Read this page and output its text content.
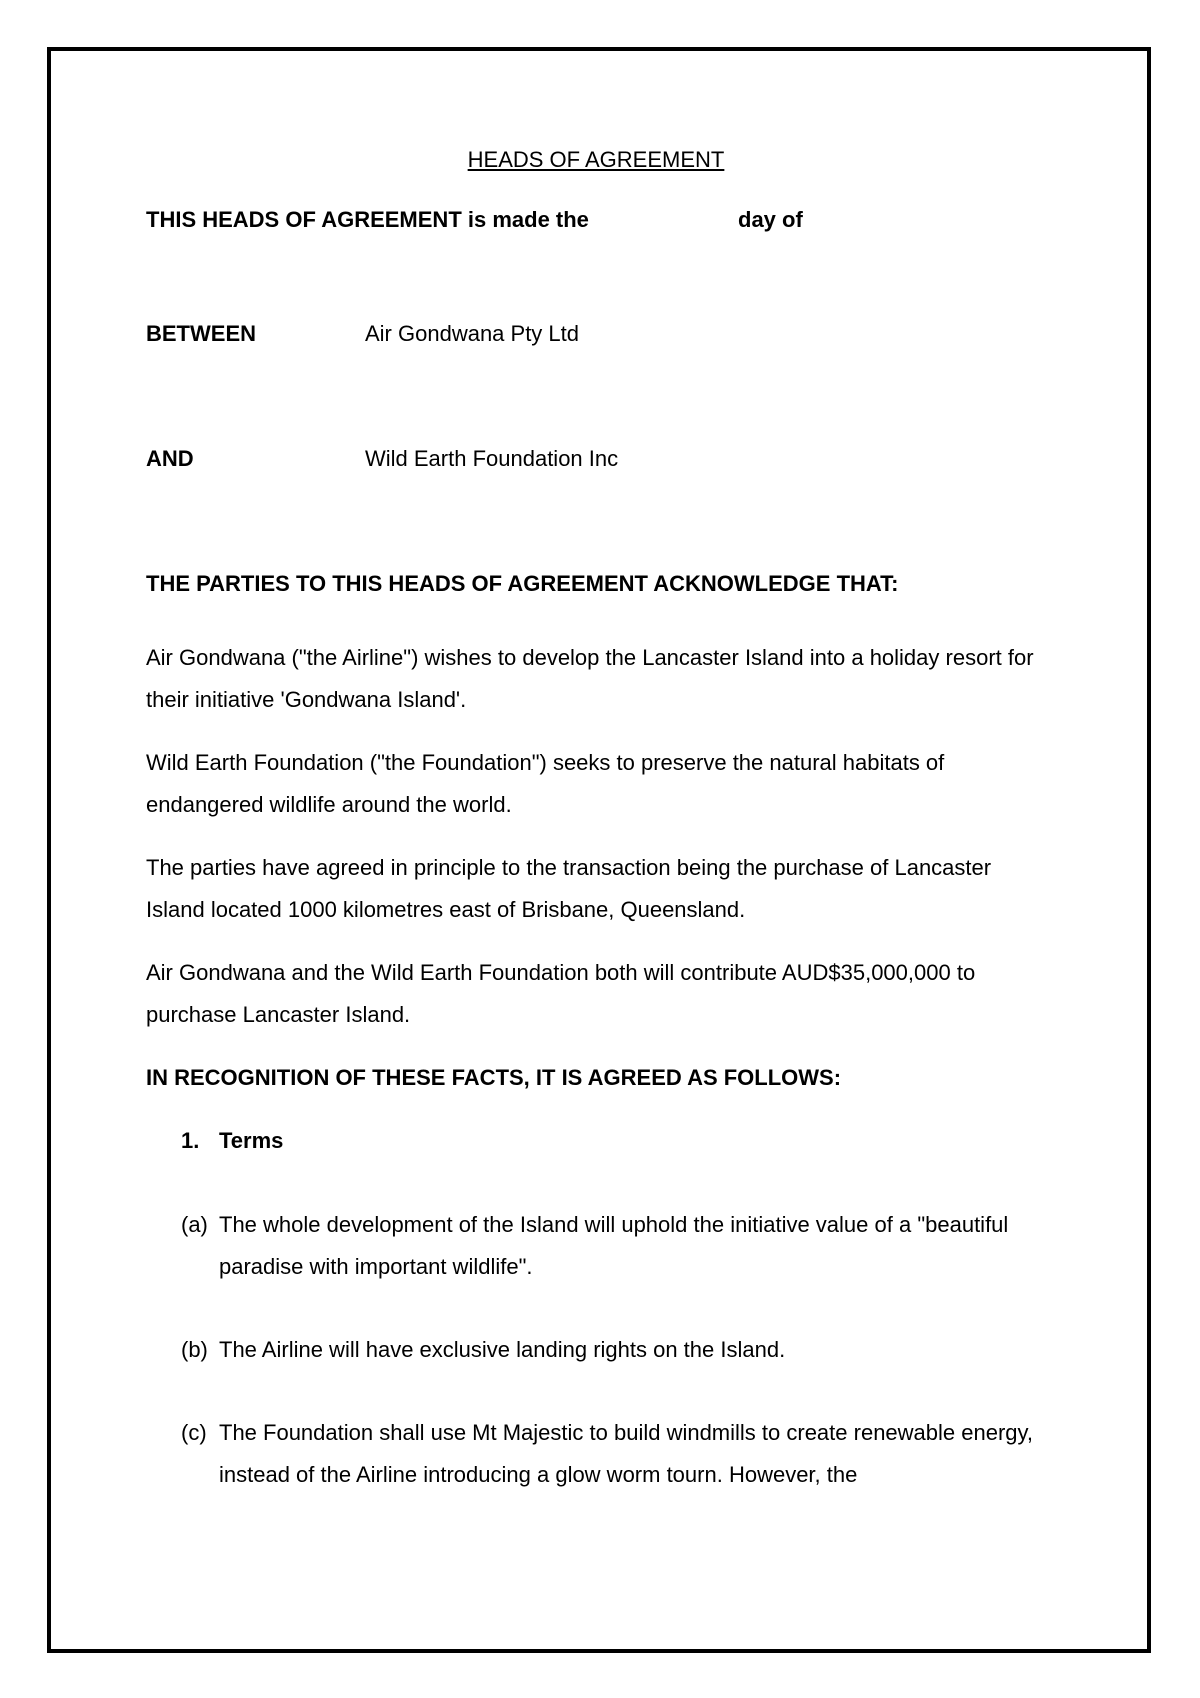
HEADS OF AGREEMENT
THIS HEADS OF AGREEMENT is made the	day of
BETWEEN	Air Gondwana Pty Ltd
AND	Wild Earth Foundation Inc
THE PARTIES TO THIS HEADS OF AGREEMENT ACKNOWLEDGE THAT:
Air Gondwana ("the Airline") wishes to develop the Lancaster Island into a holiday resort for their initiative 'Gondwana Island'.
Wild Earth Foundation ("the Foundation") seeks to preserve the natural habitats of endangered wildlife around the world.
The parties have agreed in principle to the transaction being the purchase of Lancaster Island located 1000 kilometres east of Brisbane, Queensland.
Air Gondwana and the Wild Earth Foundation both will contribute AUD$35,000,000 to purchase Lancaster Island.
IN RECOGNITION OF THESE FACTS, IT IS AGREED AS FOLLOWS:
1. Terms
(a) The whole development of the Island will uphold the initiative value of a "beautiful paradise with important wildlife".
(b) The Airline will have exclusive landing rights on the Island.
(c) The Foundation shall use Mt Majestic to build windmills to create renewable energy, instead of the Airline introducing a glow worm tourn. However, the
